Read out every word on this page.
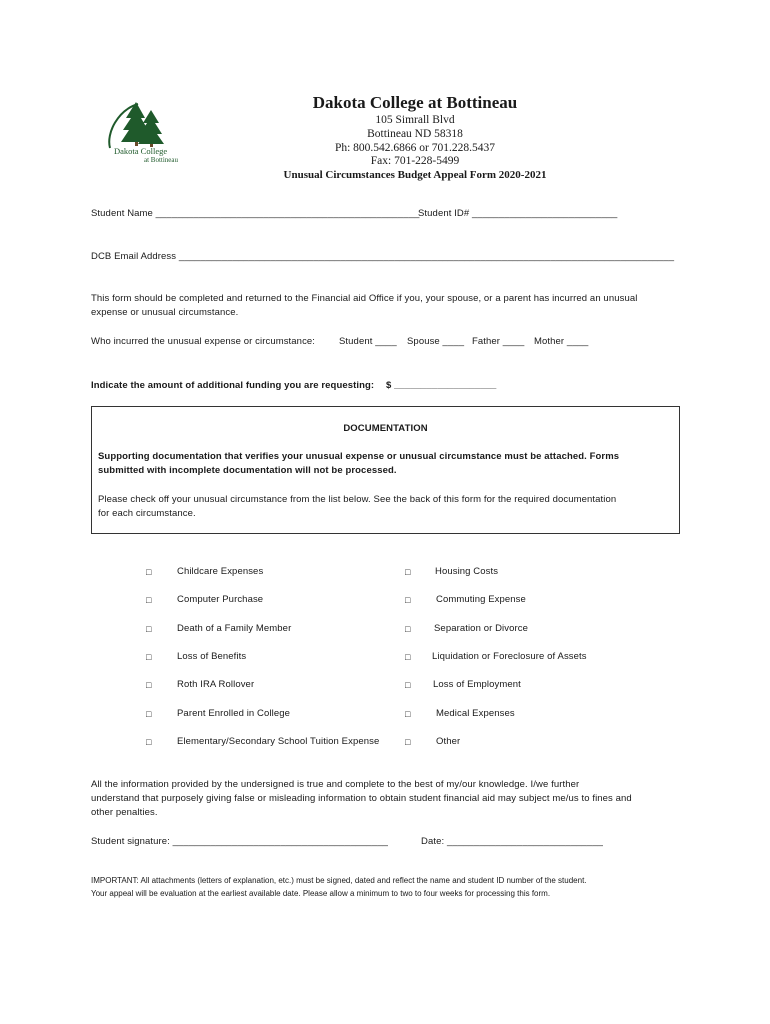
Dakota College
at Bottineau
Dakota College at Bottineau
105 Simrall Blvd
Bottineau ND 58318
Ph: 800.542.6866 or 701.228.5437
Fax: 701-228-5499
Unusual Circumstances Budget Appeal Form 2020-2021
Student Name _________________________________________________
Student ID# ___________________________
DCB Email Address ____________________________________________________________________________________________
This form should be completed and returned to the Financial aid Office if you, your spouse, or a parent has incurred an unusual
expense or unusual circumstance.
Who incurred the unusual expense or circumstance:	Student ____ Spouse ____ Father ____ Mother ____
Indicate the amount of additional funding you are requesting: $ ___________________
DOCUMENTATION
Supporting documentation that verifies your unusual expense or unusual circumstance must be attached. Forms
submitted with incomplete documentation will not be processed.
Please check off your unusual circumstance from the list below. See the back of this form for the required documentation
for each circumstance.
□	Childcare Expenses
□	Computer Purchase
□	Death of a Family Member
□	Loss of Benefits
□	Roth IRA Rollover
□	Parent Enrolled in College
□	Elementary/Secondary School Tuition Expense
□	Housing Costs
□	Commuting Expense
□ Separation or Divorce
□ Liquidation or Foreclosure of Assets
□ Loss of Employment
□	Medical Expenses
□	Other
All the information provided by the undersigned is true and complete to the best of my/our knowledge. I/we further
understand that purposely giving false or misleading information to obtain student financial aid may subject me/us to fines and
other penalties.
Student signature: ________________________________________	Date: _____________________________
IMPORTANT: All attachments (letters of explanation, etc.) must be signed, dated and reflect the name and student ID number of the student.
Your appeal will be evaluation at the earliest available date. Please allow a minimum to two to four weeks for processing this form.
